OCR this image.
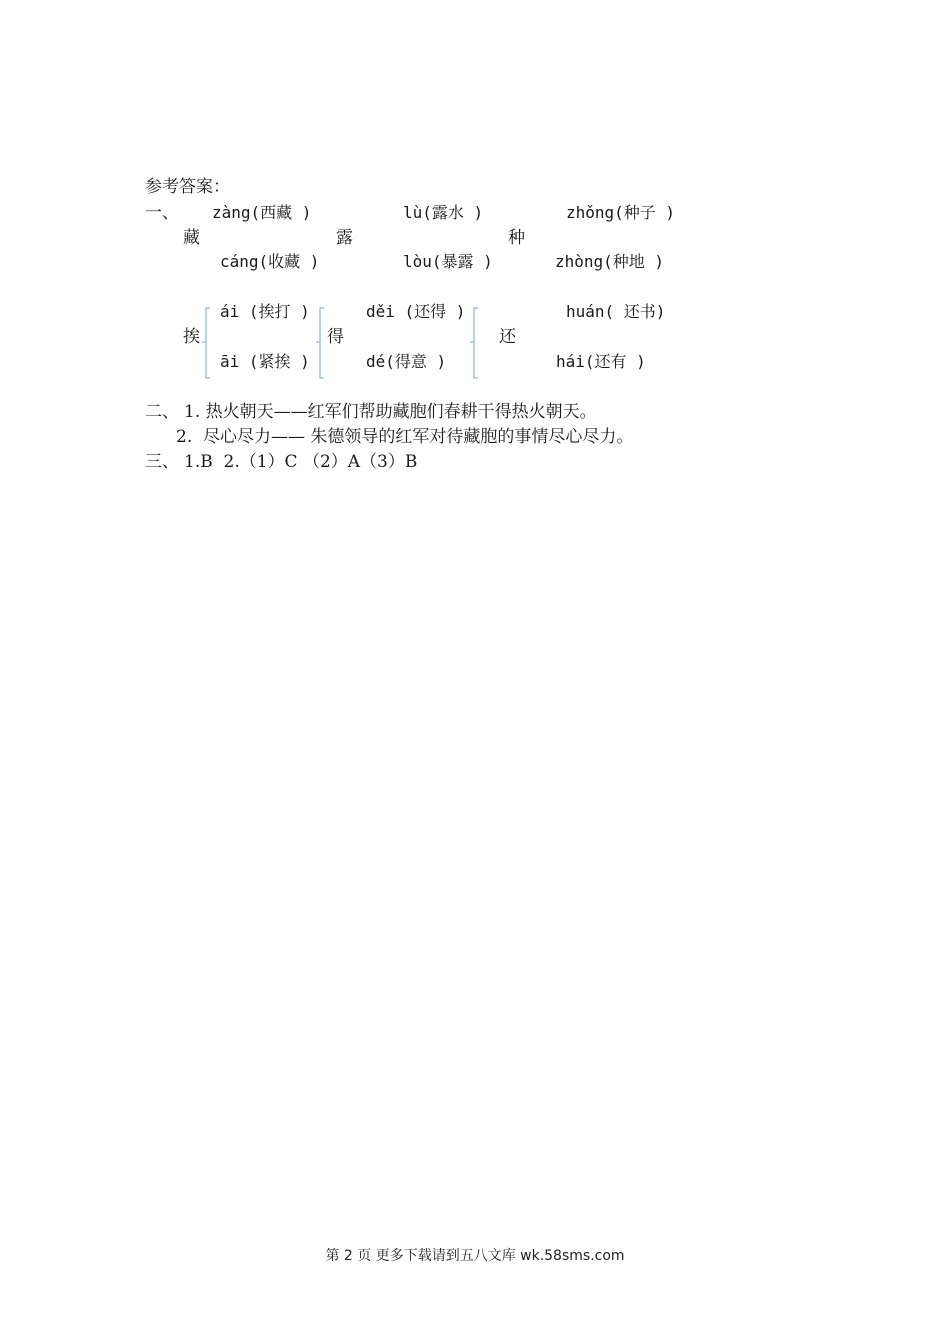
参考答案：
一、 zàng(西藏 )
藏
cáng(收藏 )
lù(露水 )
露
lòu(暴露 )
zhǒng(种子 )
种
zhòng(种地 )
挨
ái (挨打 )
āi (紧挨 )
得
děi (还得 )
dé(得意 )
还
huán( 还书)
hái(还有 )
二、 1. 热火朝天——红军们帮助藏胞们春耕干得热火朝天。
2.  尽心尽力—— 朱德领导的红军对待藏胞的事情尽心尽力。
三、 1.B  2.（1）C （2）A（3）B
第 2 页 更多下载请到五八文库 wk.58sms.com
